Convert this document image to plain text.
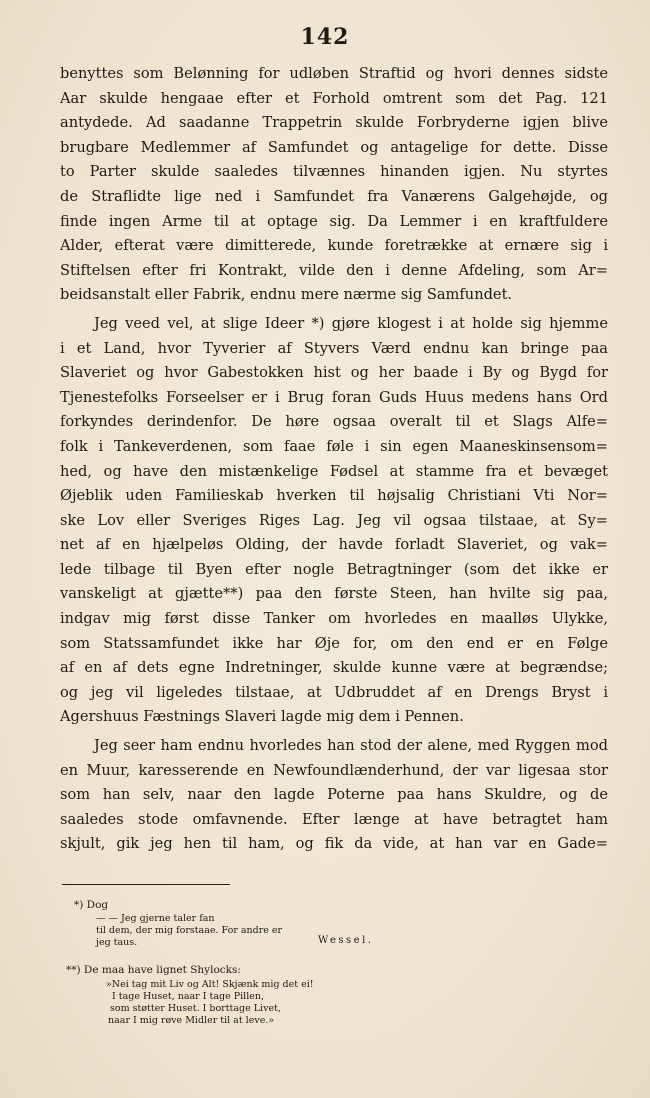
142
benyttes som Belønning for udløben Straftid og hvori dennes sidste
Aar skulde hengaae efter et Forhold omtrent som det Pag. 121
antydede. Ad saadanne Trappetrin skulde Forbryderne igjen blive
brugbare Medlemmer af Samfundet og antagelige for dette. Disse
to Parter skulde saaledes tilvænnes hinanden igjen. Nu styrtes
de Straflidte lige ned i Samfundet fra Vanærens Galgehøjde, og
finde ingen Arme til at optage sig. Da Lemmer i en kraftfuldere
Alder, efterat være dimitterede, kunde foretrække at ernære sig i
Stiftelsen efter fri Kontrakt, vilde den i denne Afdeling, som Ar=
beidsanstalt eller Fabrik, endnu mere nærme sig Samfundet.
Jeg veed vel, at slige Ideer *) gjøre klogest i at holde sig hjemme
i et Land, hvor Tyverier af Styvers Værd endnu kan bringe paa
Slaveriet og hvor Gabestokken hist og her baade i By og Bygd for
Tjenestefolks Forseelser er i Brug foran Guds Huus medens hans Ord
forkyndes derindenfor. De høre ogsaa overalt til et Slags Alfe=
folk i Tankeverdenen, som faae føle i sin egen Maaneskinsensom=
hed, og have den mistænkelige Fødsel at stamme fra et bevæget
Øjeblik uden Familieskab hverken til højsalig Christiani Vti Nor=
ske Lov eller Sveriges Riges Lag. Jeg vil ogsaa tilstaae, at Sy=
net af en hjælpeløs Olding, der havde forladt Slaveriet, og vak=
lede tilbage til Byen efter nogle Betragtninger (som det ikke er
vanskeligt at gjætte**) paa den første Steen, han hvilte sig paa,
indgav mig først disse Tanker om hvorledes en maalløs Ulykke,
som Statssamfundet ikke har Øje for, om den end er en Følge
af en af dets egne Indretninger, skulde kunne være at begrændse;
og jeg vil ligeledes tilstaae, at Udbruddet af en Drengs Bryst i
Agershuus Fæstnings Slaveri lagde mig dem i Pennen.
Jeg seer ham endnu hvorledes han stod der alene, med Ryggen mod
en Muur, karesserende en Newfoundlænderhund, der var ligesaa stor
som han selv, naar den lagde Poterne paa hans Skuldre, og de
saaledes stode omfavnende. Efter længe at have betragtet ham
skjult, gik jeg hen til ham, og fik da vide, at han var en Gade=
*) Dog
— — Jeg gjerne taler fan
til dem, der mig forstaae. For andre er
jeg taus.	Wessel.
**) De maa have lignet Shylocks:
»Nei tag mit Liv og Alt! Skjænk mig det ei!
I tage Huset, naar I tage Pillen,
som støtter Huset. I borttage Livet,
naar I mig røve Midler til at leve.»
